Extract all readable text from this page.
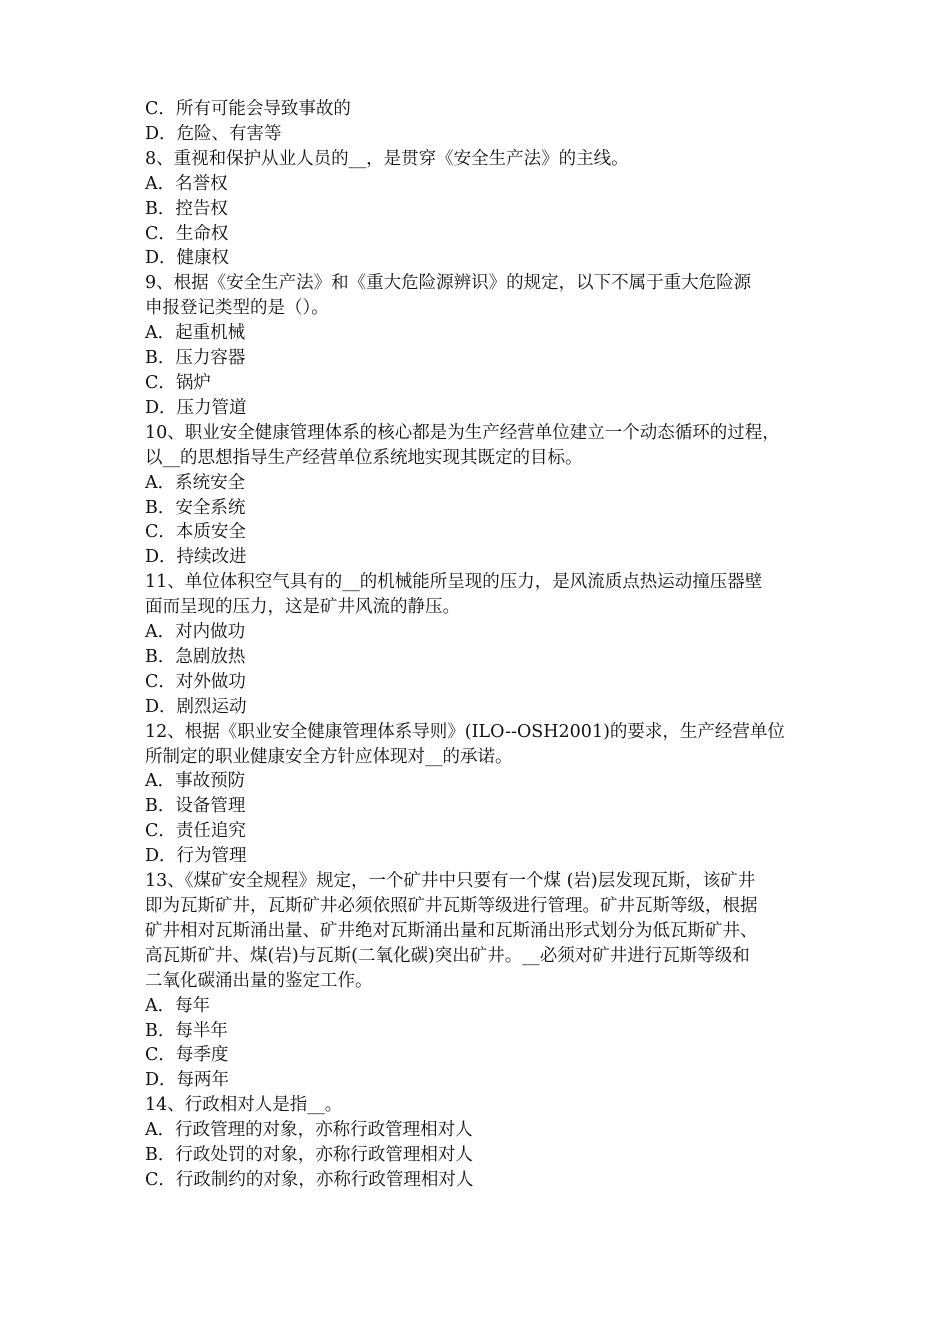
C．所有可能会导致事故的
D．危险、有害等
8、重视和保护从业人员的__，是贯穿《安全生产法》的主线。
A．名誉权
B．控告权
C．生命权
D．健康权
9、根据《安全生产法》和《重大危险源辨识》的规定，以下不属于重大危险源
申报登记类型的是（）。
A．起重机械
B．压力容器
C．锅炉
D．压力管道
10、职业安全健康管理体系的核心都是为生产经营单位建立一个动态循环的过程，
以__的思想指导生产经营单位系统地实现其既定的目标。
A．系统安全
B．安全系统
C．本质安全
D．持续改进
11、单位体积空气具有的__的机械能所呈现的压力，是风流质点热运动撞压器壁
面而呈现的压力，这是矿井风流的静压。
A．对内做功
B．急剧放热
C．对外做功
D．剧烈运动
12、根据《职业安全健康管理体系导则》(ILO--OSH2001)的要求，生产经营单位
所制定的职业健康安全方针应体现对__的承诺。
A．事故预防
B．设备管理
C．责任追究
D．行为管理
13、《煤矿安全规程》规定，一个矿井中只要有一个煤 (岩)层发现瓦斯，该矿井
即为瓦斯矿井，瓦斯矿井必须依照矿井瓦斯等级进行管理。矿井瓦斯等级，根据
矿井相对瓦斯涌出量、矿井绝对瓦斯涌出量和瓦斯涌出形式划分为低瓦斯矿井、
高瓦斯矿井、煤(岩)与瓦斯(二氧化碳)突出矿井。__必须对矿井进行瓦斯等级和
二氧化碳涌出量的鉴定工作。
A．每年
B．每半年
C．每季度
D．每两年
14、行政相对人是指__。
A．行政管理的对象，亦称行政管理相对人
B．行政处罚的对象，亦称行政管理相对人
C．行政制约的对象，亦称行政管理相对人
